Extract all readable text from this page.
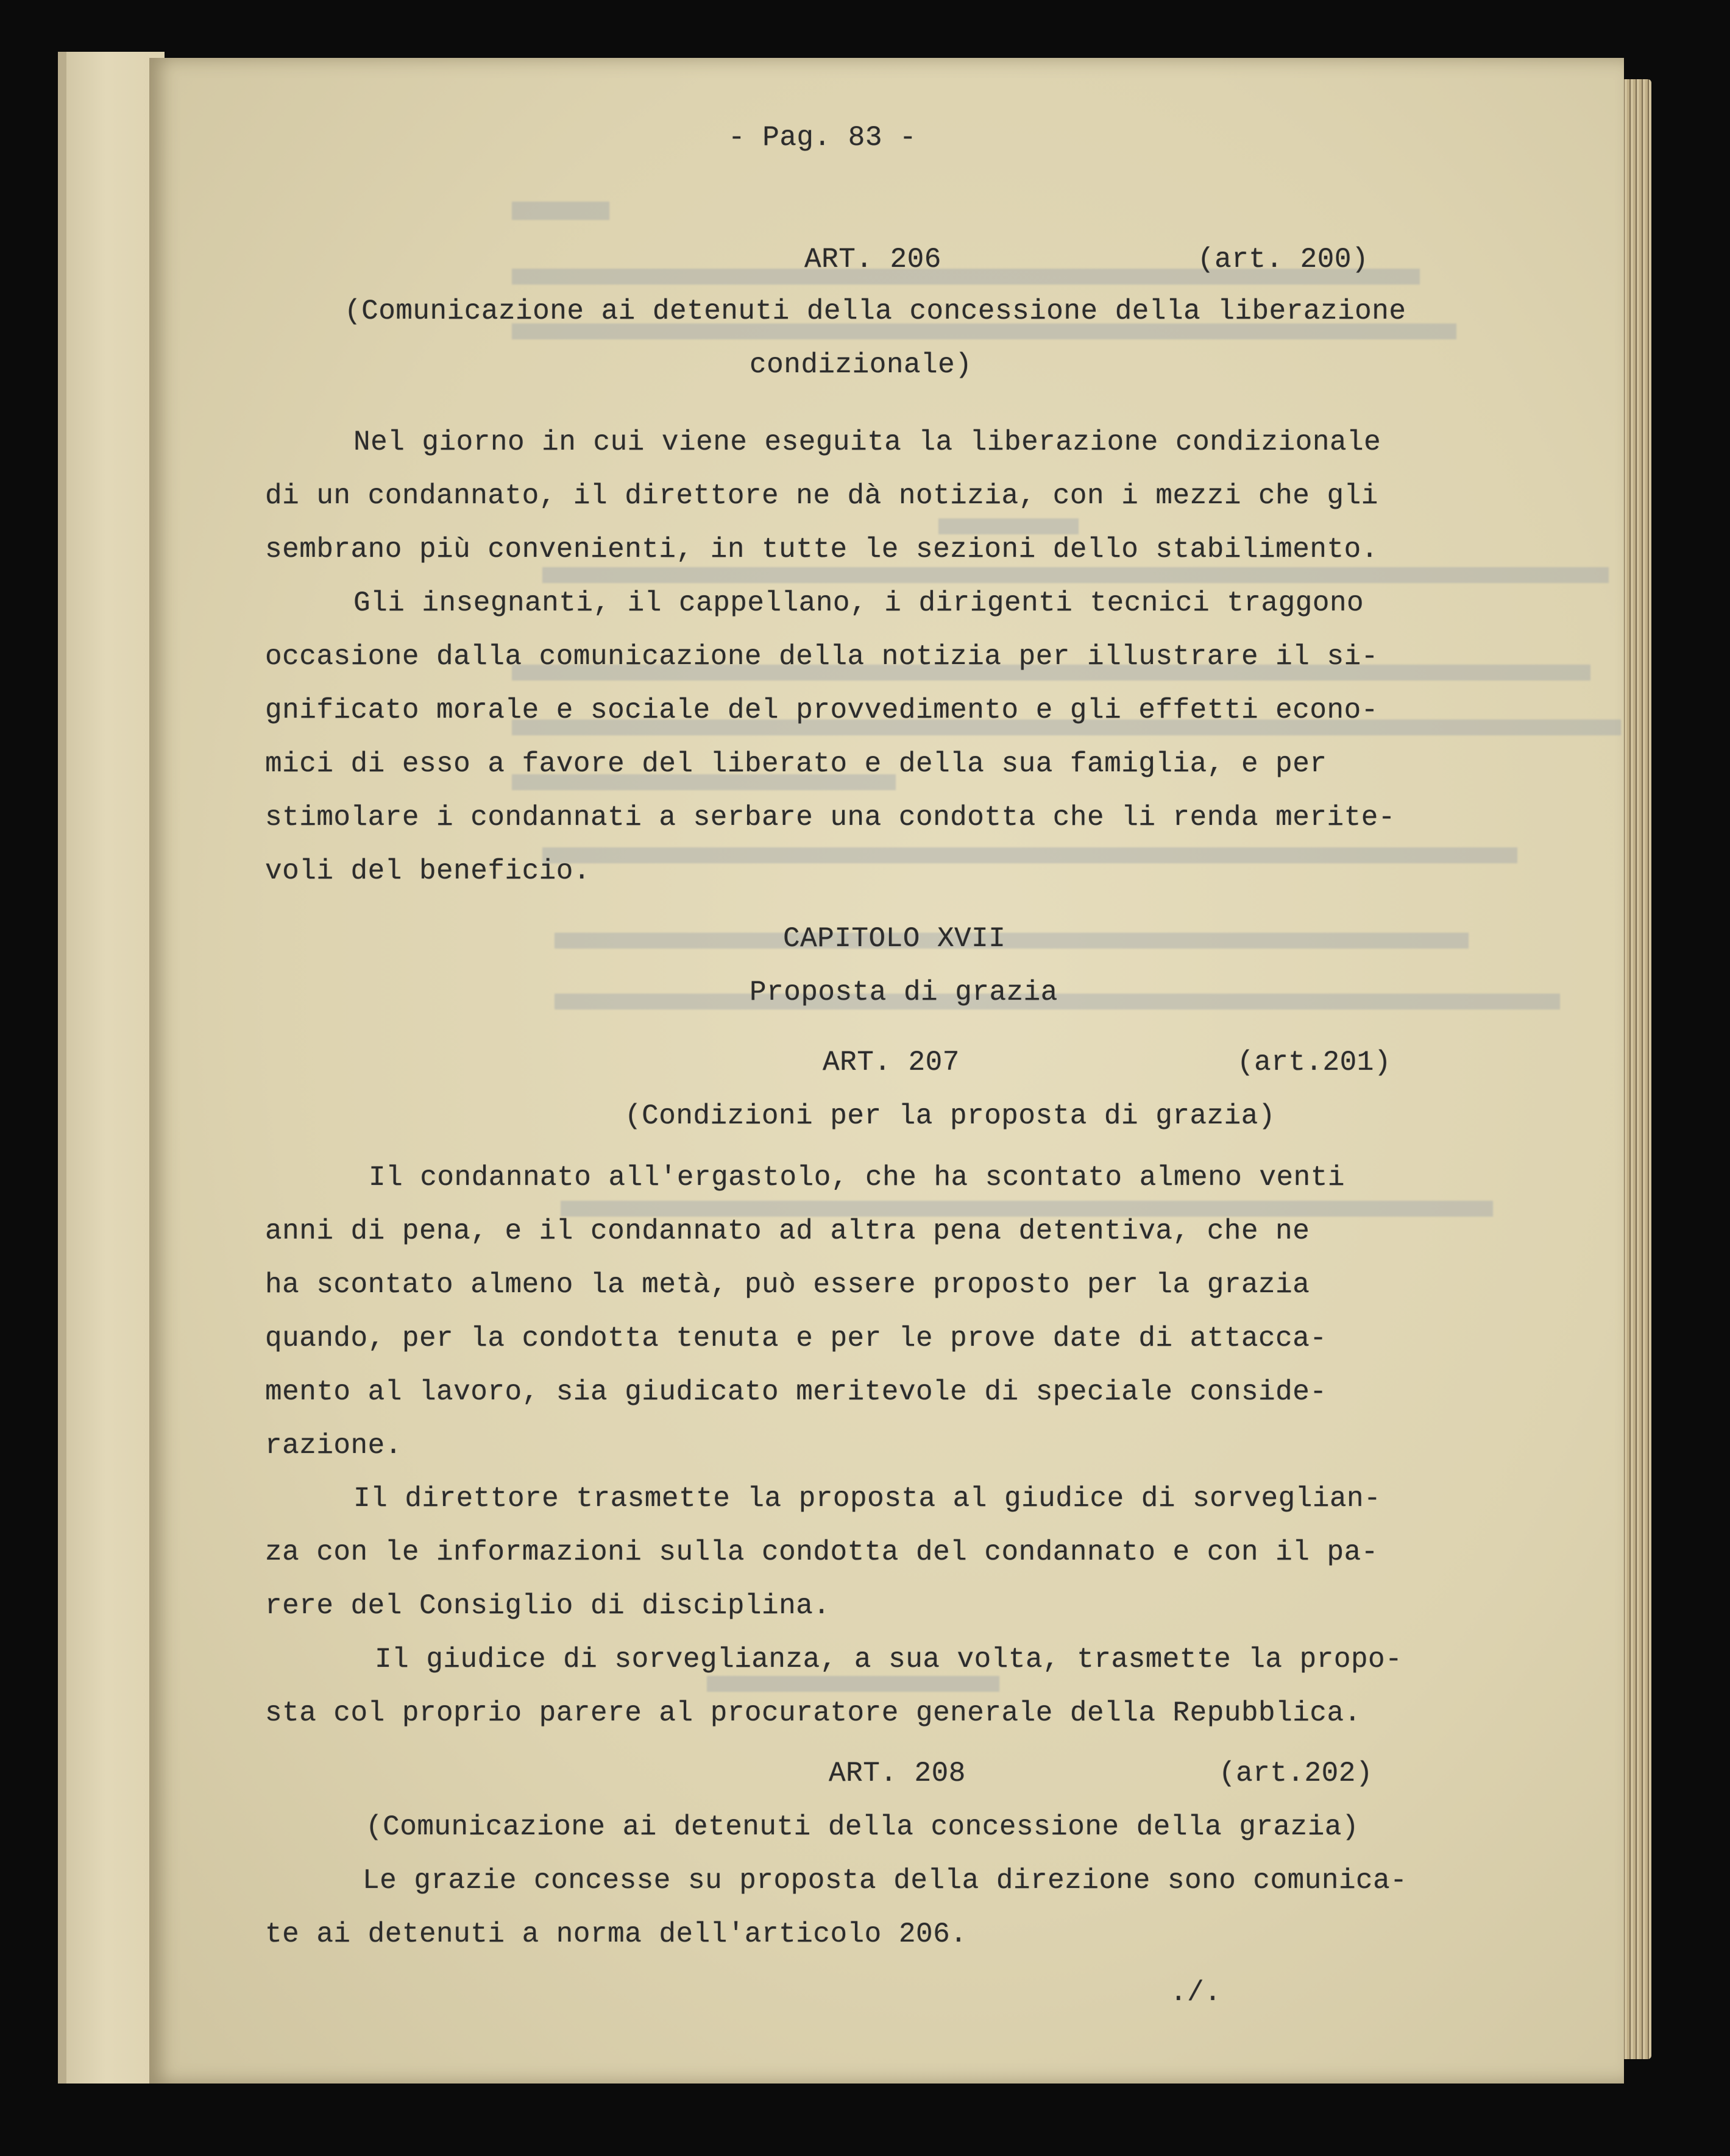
- Pag. 83 -
ART. 206	(art. 200)
(Comunicazione ai detenuti della concessione della liberazione
condizionale)
Nel giorno in cui viene eseguita la liberazione condizionale
di un condannato, il direttore ne dà notizia, con i mezzi che gli
sembrano più convenienti, in tutte le sezioni dello stabilimento.
Gli insegnanti, il cappellano, i dirigenti tecnici traggono
occasione dalla comunicazione della notizia per illustrare il si-
gnificato morale e sociale del provvedimento e gli effetti econo-
mici di esso a favore del liberato e della sua famiglia, e per
stimolare i condannati a serbare una condotta che li renda merite-
voli del beneficio.
CAPITOLO XVII
Proposta di grazia
ART. 207	(art.201)
(Condizioni per la proposta di grazia)
Il condannato all'ergastolo, che ha scontato almeno venti
anni di pena, e il condannato ad altra pena detentiva, che ne
ha scontato almeno la metà, può essere proposto per la grazia
quando, per la condotta tenuta e per le prove date di attacca-
mento al lavoro, sia giudicato meritevole di speciale conside-
razione.
Il direttore trasmette la proposta al giudice di sorveglian-
za con le informazioni sulla condotta del condannato e con il pa-
rere del Consiglio di disciplina.
Il giudice di sorveglianza, a sua volta, trasmette la propo-
sta col proprio parere al procuratore generale della Repubblica.
ART. 208	(art.202)
(Comunicazione ai detenuti della concessione della grazia)
Le grazie concesse su proposta della direzione sono comunica-
te ai detenuti a norma dell'articolo 206.
./.
